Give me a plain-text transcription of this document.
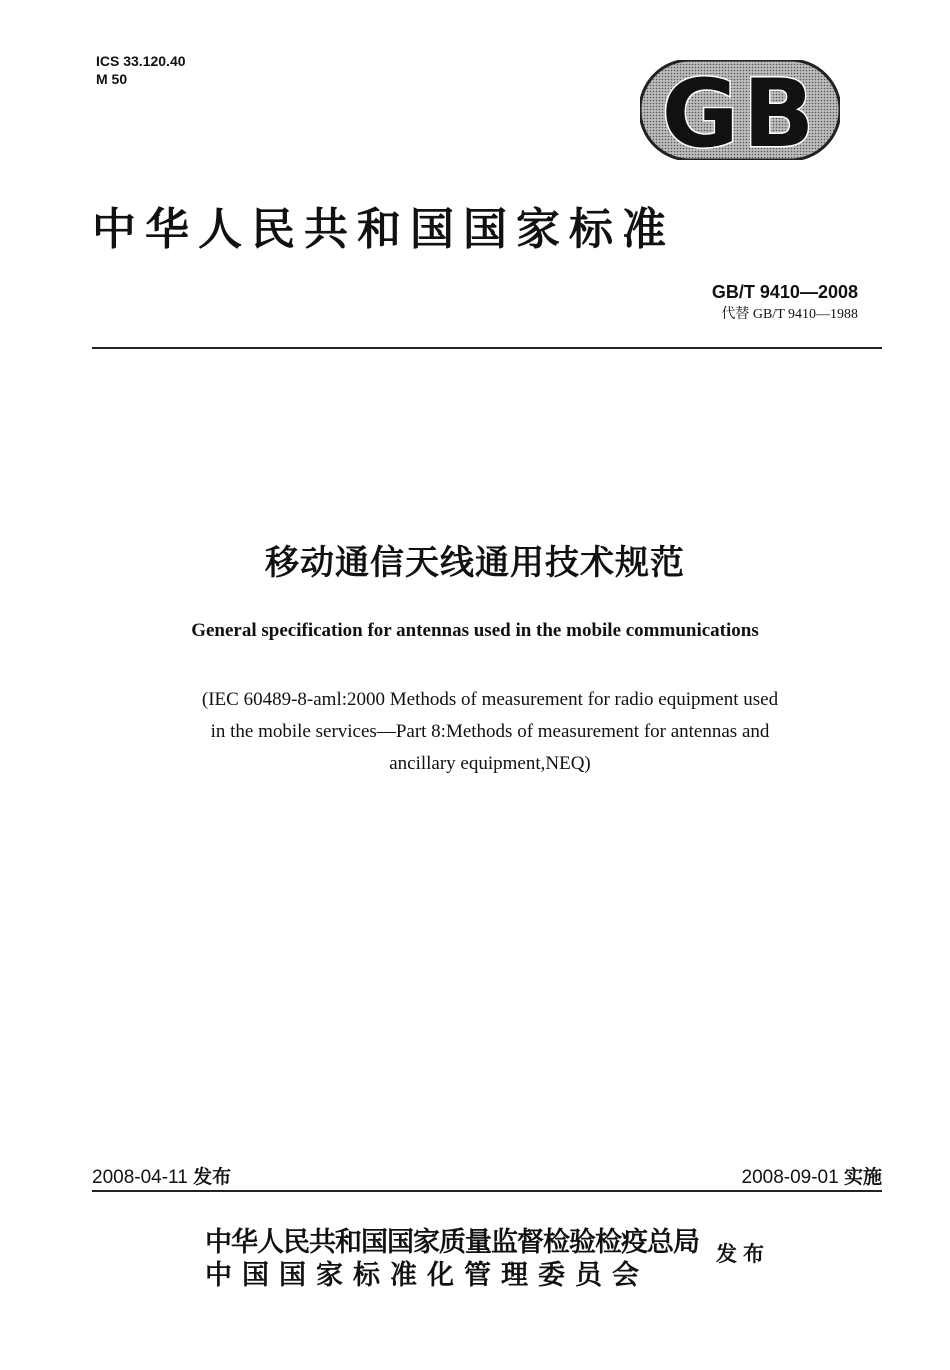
ICS 33.120.40
M 50	GB
中华人民共和国国家标准
GB/T 9410—2008
代替 GB/T 9410—1988
移动通信天线通用技术规范
General specification for antennas used in the mobile communications
(IEC 60489-8-aml:2000 Methods of measurement for radio equipment used
in the mobile services—Part 8:Methods of measurement for antennas and
ancillary equipment,NEQ)
2008-04-11 发布	2008-09-01 实施
中华人民共和国国家质量监督检验检疫总局
中国国家标准化管理委员会
发布
